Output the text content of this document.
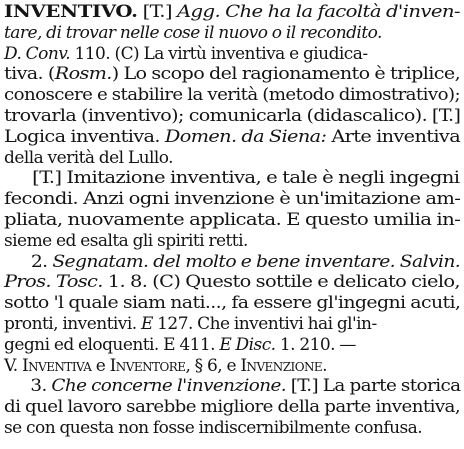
INVENTIVO. [T.] Agg. Che ha la facoltà d'inven-
tare, di trovar nelle cose il nuovo o il recondito.
D. Conv. 110. (C) La virtù inventiva e giudica-
tiva. (Rosm.) Lo scopo del ragionamento è triplice,
conoscere e stabilire la verità (metodo dimostrativo);
trovarla (inventivo); comunicarla (didascalico). [T.]
Logica inventiva. Domen. da Siena: Arte inventiva
della verità del Lullo.
  [T.] Imitazione inventiva, e tale è negli ingegni
fecondi. Anzi ogni invenzione è un'imitazione am-
pliata, nuovamente applicata. E questo umilia in-
sieme ed esalta gli spiriti retti.
  2. Segnatam. del molto e bene inventare. Salvin.
Pros. Tosc. 1. 8. (C) Questo sottile e delicato cielo,
sotto 'l quale siam nati..., fa essere gl'ingegni acuti,
pronti, inventivi. E 127. Che inventivi hai gl'in-
gegni ed eloquenti. E 411. E Disc. 1. 210. —
V. Inventiva e Inventore, § 6, e Invenzione.
  3. Che concerne l'invenzione. [T.] La parte storica
di quel lavoro sarebbe migliore della parte inventiva,
se con questa non fosse indiscernibilmente confusa.
